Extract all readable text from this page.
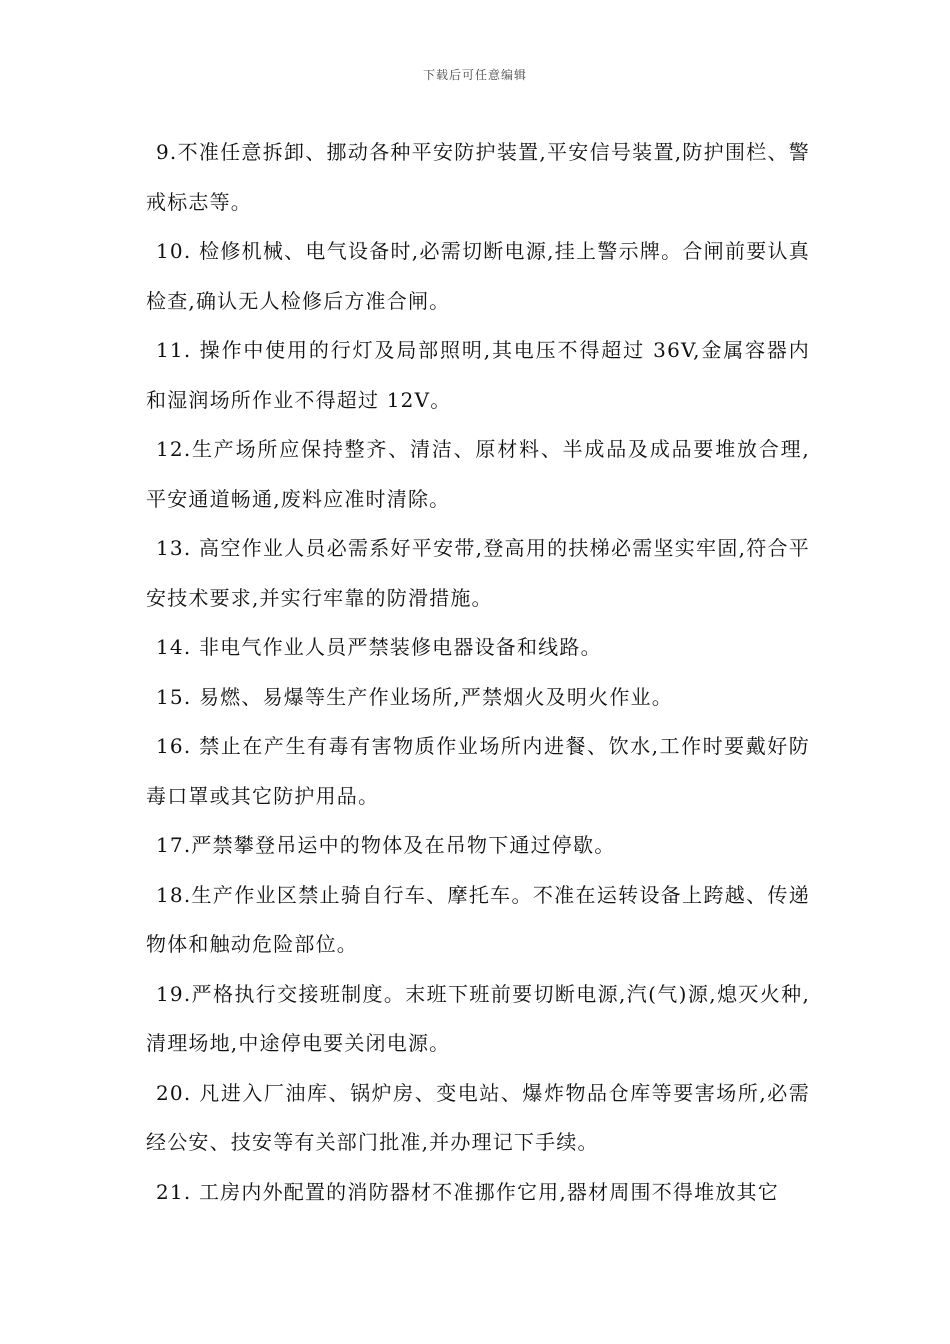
下载后可任意编辑

9.不准任意拆卸、挪动各种平安防护装置,平安信号装置,防护围栏、警戒标志等。

10. 检修机械、电气设备时,必需切断电源,挂上警示牌。合闸前要认真检查,确认无人检修后方准合闸。

11. 操作中使用的行灯及局部照明,其电压不得超过 36V,金属容器内和湿润场所作业不得超过 12V。

12.生产场所应保持整齐、清洁、原材料、半成品及成品要堆放合理,平安通道畅通,废料应准时清除。

13. 高空作业人员必需系好平安带,登高用的扶梯必需坚实牢固,符合平安技术要求,并实行牢靠的防滑措施。

14. 非电气作业人员严禁装修电器设备和线路。

15. 易燃、易爆等生产作业场所,严禁烟火及明火作业。

16. 禁止在产生有毒有害物质作业场所内进餐、饮水,工作时要戴好防毒口罩或其它防护用品。

17.严禁攀登吊运中的物体及在吊物下通过停歇。

18.生产作业区禁止骑自行车、摩托车。不准在运转设备上跨越、传递物体和触动危险部位。

19.严格执行交接班制度。末班下班前要切断电源,汽(气)源,熄灭火种,清理场地,中途停电要关闭电源。

20. 凡进入厂油库、锅炉房、变电站、爆炸物品仓库等要害场所,必需经公安、技安等有关部门批准,并办理记下手续。

21. 工房内外配置的消防器材不准挪作它用,器材周围不得堆放其它
